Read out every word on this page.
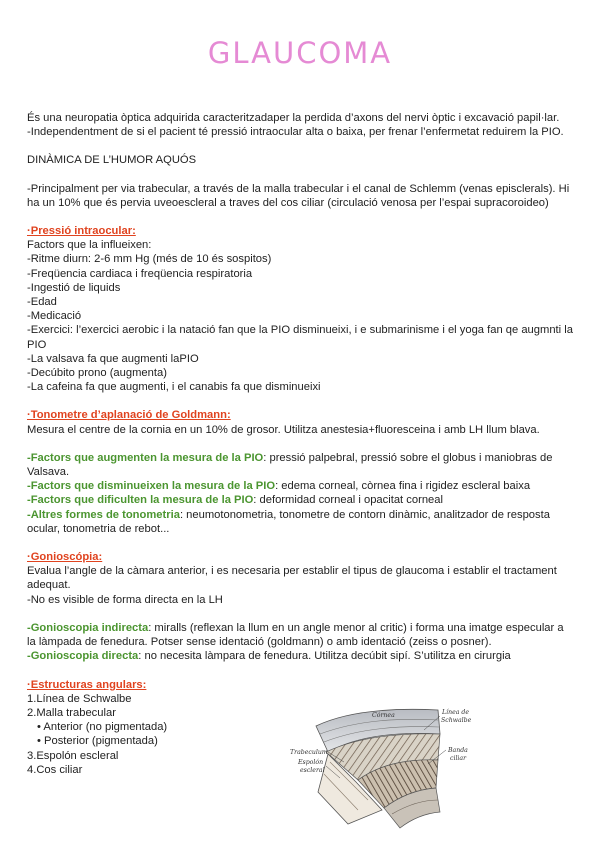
GLAUCOMA

És una neuropatia òptica adquirida caracteritzadaper la perdida d’axons del nervi òptic i excavació papil·lar.

-Independentment de si el pacient té pressió intraocular alta o baixa, per frenar l’enfermetat reduirem la PIO.

DINÀMICA DE L’HUMOR AQUÓS

-Principalment per via trabecular, a través de la malla trabecular i el canal de Schlemm (venas episclerals). Hi ha un 10% que és pervia uveoescleral a traves del cos ciliar (circulació venosa per l’espai supracoroideo)

·Pressió intraocular:

Factors que la influeixen:

-Ritme diurn: 2-6 mm Hg (més de 10 és sospitos)
-Freqüencia cardiaca i freqüencia respiratoria
-Ingestió de liquids
-Edad
-Medicació
-Exercici: l’exercici aerobic i la natació fan que la PIO disminueixi, i e submarinisme i el yoga fan qe augmnti la PIO
-La valsava fa que augmenti laPIO
-Decúbito prono (augmenta)
-La cafeina fa que augmenti, i el canabis fa que disminueixi

·Tonometre d’aplanació de Goldmann:

Mesura el centre de la cornia en un 10% de grosor. Utilitza anestesia+fluoresceina i amb LH llum blava.

-Factors que augmenten la mesura de la PIO: pressió palpebral, pressió sobre el globus i maniobras de Valsava.

-Factors que disminueixen la mesura de la PIO: edema corneal, còrnea fina i rigidez escleral baixa

-Factors que dificulten la mesura de la PIO: deformidad corneal i opacitat corneal

-Altres formes de tonometria: neumotonometria, tonometre de contorn dinàmic, analitzador de resposta ocular, tonometria de rebot...

·Gonioscópia:

Evalua l’angle de la càmara anterior, i es necesaria per establir el tipus de glaucoma i establir el tractament adequat.

-No es visible de forma directa en la LH

-Gonioscopia indirecta: miralls (reflexan la llum en un angle menor al critic) i forma una imatge especular a la làmpada de fenedura. Potser sense identació (goldmann) o amb identació (zeiss o posner).

-Gonioscopia directa: no necesita làmpara de fenedura. Utilitza decúbit sipí. S’utilitza en cirurgia

·Estructuras angulars:

1.Línea de Schwalbe
2.Malla trabecular
• Anterior (no pigmentada)
• Posterior (pigmentada)
3.Espolón escleral
4.Cos ciliar
Córnea	Línea de
Schwalbe
Banda
ciliar
Trabeculum
Espolón
escleral
